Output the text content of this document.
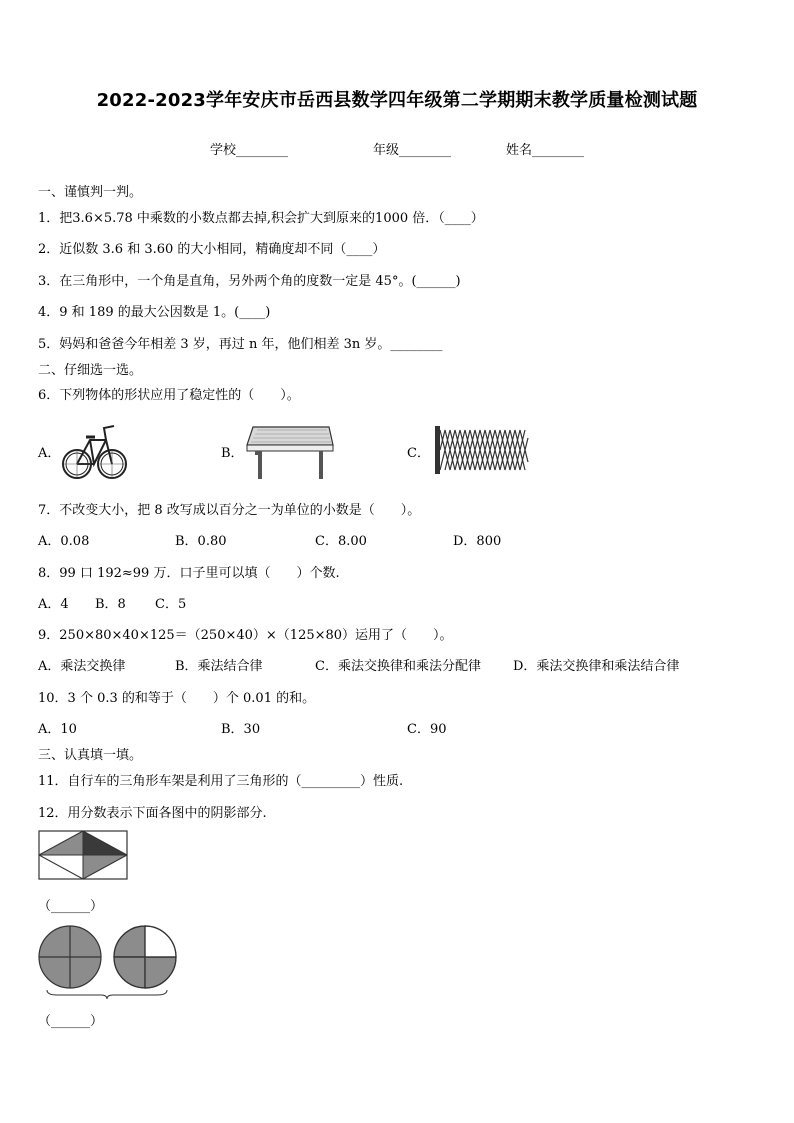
2022-2023学年安庆市岳西县数学四年级第二学期期末教学质量检测试题
学校________	年级________	姓名________
一、谨慎判一判。
1．把3.6×5.78 中乘数的小数点都去掉,积会扩大到原来的1000 倍．（____）
2．近似数 3.6 和 3.60 的大小相同，精确度却不同（____）
3．在三角形中，一个角是直角，另外两个角的度数一定是 45°。(______)
4．9 和 189 的最大公因数是 1。(____)
5．妈妈和爸爸今年相差 3 岁，再过 n 年，他们相差 3n 岁。________
二、仔细选一选。
6．下列物体的形状应用了稳定性的（　　）。
A．	B．	C．
7．不改变大小，把 8 改写成以百分之一为单位的小数是（　　）。
A．0.08	B．0.80	C．8.00	D．800
8．99 口 192≈99 万．口子里可以填（　　）个数.
A．4 B．8 C．5
9．250×80×40×125＝（250×40）×（125×80）运用了（　　）。
A．乘法交换律	B．乘法结合律	C．乘法交换律和乘法分配律 D．乘法交换律和乘法结合律
10．3 个 0.3 的和等于（　　）个 0.01 的和。
A．10	B．30	C．90
三、认真填一填。
11．自行车的三角形车架是利用了三角形的（_________）性质.
12．用分数表示下面各图中的阴影部分.
（______）
（______）
